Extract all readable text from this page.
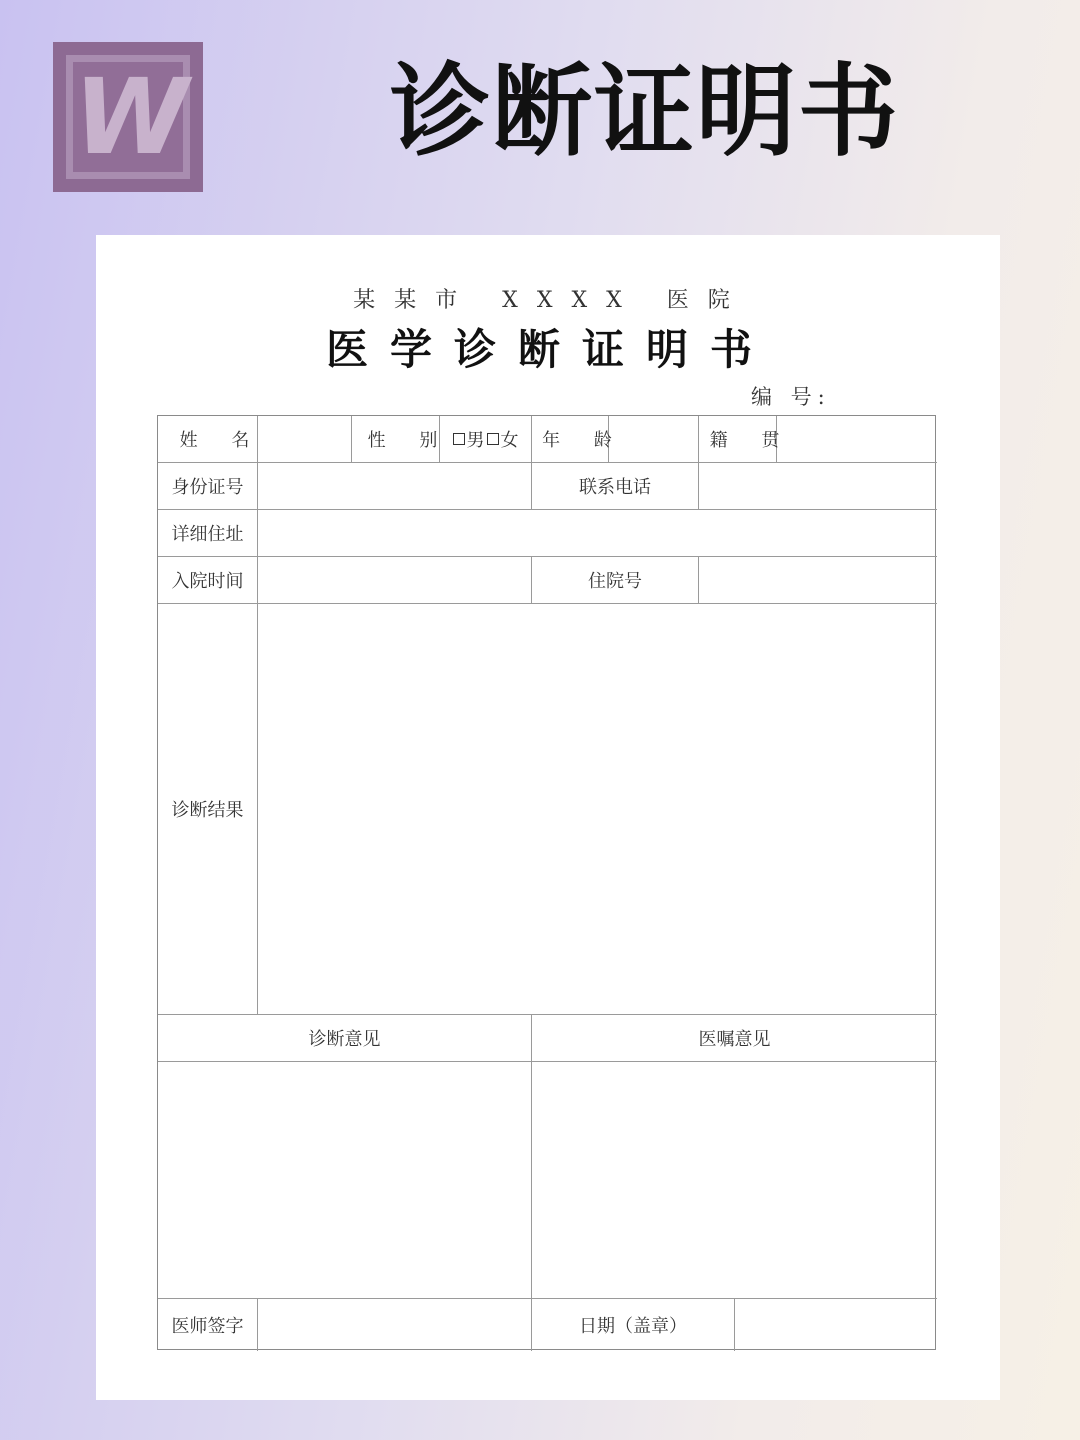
W 诊断证明书
某某市 XXXX 医院
医学诊断证明书
编 号:
姓 名	性 别 男 女	年 龄	籍 贯
身份证号	联系电话
详细住址
入院时间	住院号
诊断结果
诊断意见	医嘱意见
医师签字	日期（盖章）
